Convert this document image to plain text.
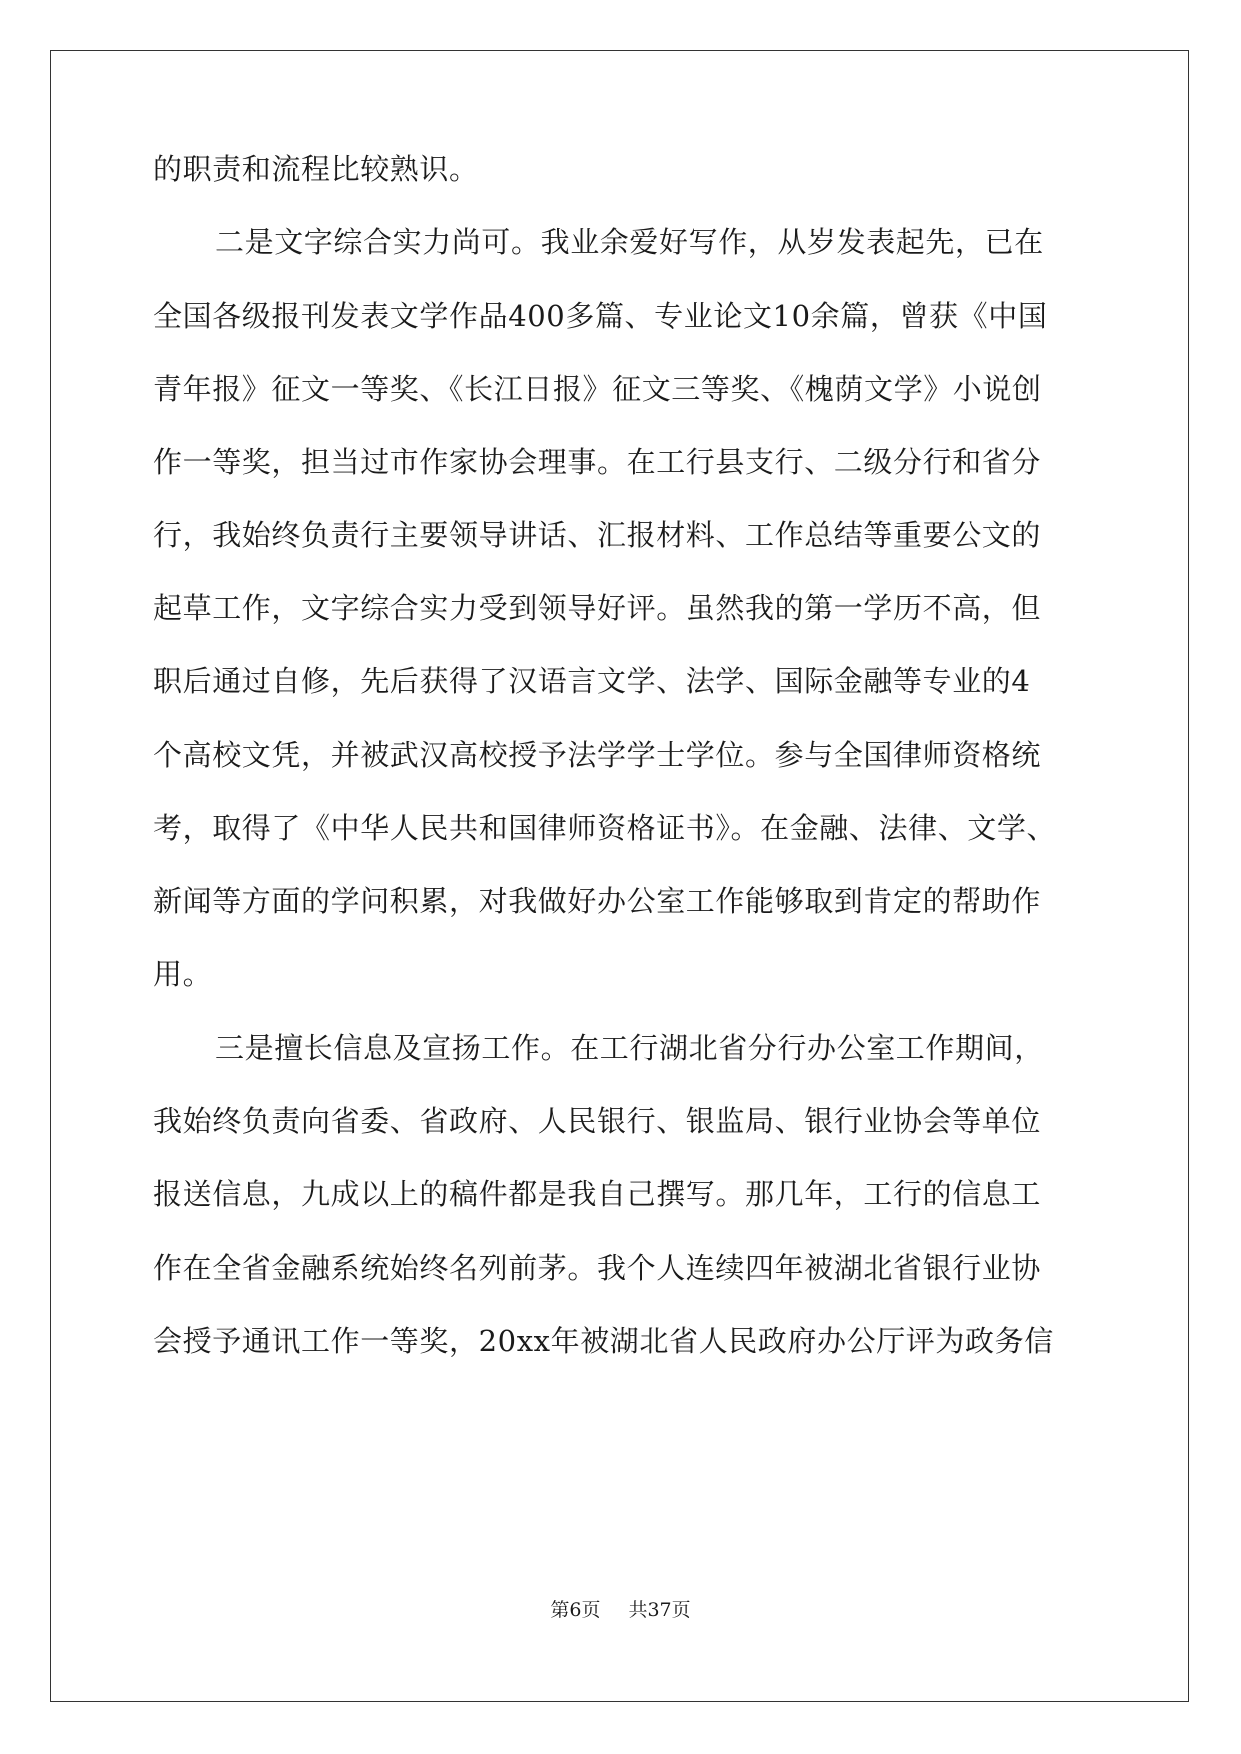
的职责和流程比较熟识。
二是文字综合实力尚可。我业余爱好写作，从岁发表起先，已在
全国各级报刊发表文学作品400多篇、专业论文10余篇，曾获《中国
青年报》征文一等奖、《长江日报》征文三等奖、《槐荫文学》小说创
作一等奖，担当过市作家协会理事。在工行县支行、二级分行和省分
行，我始终负责行主要领导讲话、汇报材料、工作总结等重要公文的
起草工作，文字综合实力受到领导好评。虽然我的第一学历不高，但
职后通过自修，先后获得了汉语言文学、法学、国际金融等专业的4
个高校文凭，并被武汉高校授予法学学士学位。参与全国律师资格统
考，取得了《中华人民共和国律师资格证书》。在金融、法律、文学、
新闻等方面的学问积累，对我做好办公室工作能够取到肯定的帮助作
用。
三是擅长信息及宣扬工作。在工行湖北省分行办公室工作期间，
我始终负责向省委、省政府、人民银行、银监局、银行业协会等单位
报送信息，九成以上的稿件都是我自己撰写。那几年，工行的信息工
作在全省金融系统始终名列前茅。我个人连续四年被湖北省银行业协
会授予通讯工作一等奖，20xx年被湖北省人民政府办公厅评为政务信
第6页 共37页
